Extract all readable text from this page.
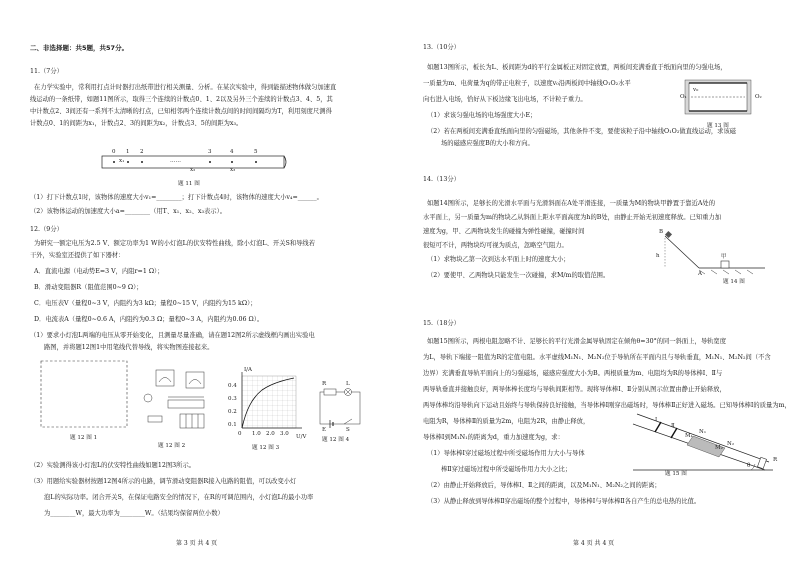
二、非选择题：共5题，共57分。
11.（7分）
在力学实验中，常利用打点计时器打出纸带进行相关测量、分析。在某次实验中，得到能描述物体做匀加速直
线运动的一条纸带，如题11图所示，取得三个连续的计数点0、1、2以及另外三个连续的计数点3、4、5，其
中计数点2、3间还有一系列不太清晰的打点，已知相邻两个连续计数点间的时间间隔均为T，利用刻度尺测得
计数点0、1的间距为x₁，计数点2、3的间距为x₂，计数点3、5的间距为x₃。
0 1 2	3	4	5
x₁	……
x₂	x₃
题 11 图
（1）打下计数点1时，该物体的速度大小v₁=________；打下计数点4时，该物体的速度大小v₄=______。
（2）该物体运动的加速度大小a=________（用T、x₁、x₂、x₃表示）。
12.（9分）
为研究一额定电压为2.5 V、额定功率为1 W的小灯泡L的伏安特性曲线，除小灯泡L、开关S和导线若
干外，实验室还提供了如下器材：
A．直流电源（电动势E=3 V，内阻r=1 Ω）；
B．滑动变阻器R（阻值范围0~9 Ω）；
C．电压表V（量程0~3 V，内阻约为3 kΩ；量程0~15 V，内阻约为15 kΩ）；
D．电流表A（量程0~0.6 A，内阻约为0.3 Ω；量程0~3 A，内阻约为0.06 Ω）。
（1）要求小灯泡L两端的电压从零开始变化，且测量尽量准确，请在题12图2所示虚线框内画出实验电
路图，并将题12图1中用笔线代替导线，将实物图连接起来。
题 12 图 1
题 12 图 2
I/A
0.4
0.3
0.2
0.1
0 1.0 2.0 3.0 U/V
题 12 图 3
R	L
E	S
题 12 图 4
（2）实验测得该小灯泡L的伏安特性曲线如题12图3所示。
（3）用题给实验器材按题12图4所示的电路，调节滑动变阻器R接入电路的阻值，可以改变小灯
泡L的实际功率。闭合开关S，在保证电路安全的情况下，在R的可调范围内，小灯泡L的最小功率
为________W，最大功率为________W。（结果均保留两位小数）
第 3 页 共 4 页
13.（10分）
如题13图所示，板长为L、板间距为d的平行金属板正对固定放置，两板间充满垂直于纸面向里的匀强电场，
一质量为m、电荷量为q的带正电粒子，以速度v₀沿两板间中轴线O₁O₂水平
向右进入电场，恰好从下板边缘飞出电场，不计粒子重力。
（1）求该匀强电场的电场强度大小E；
（2）若在两板间充满垂直纸面向里的匀强磁场，其他条件不变，要使该粒子沿中轴线O₁O₂做直线运动，求该磁
场的磁感应强度B的大小和方向。
O₁	O₂
v₀
题 13 图
14.（13分）
如题14图所示，足够长的光滑水平面与光滑斜面在A处平滑连接，一质量为M的物块甲静置于靠近A处的
水平面上，另一质量为m的物块乙从斜面上距水平面高度为h的B处，由静止开始无初速度释放。已知重力加
速度为g，甲、乙两物块发生的碰撞为弹性碰撞，碰撞时间
很短可不计，两物块均可视为质点，忽略空气阻力。
（1）求物块乙第一次到达水平面上时的速度大小；
（2）要使甲、乙两物块只能发生一次碰撞，求M/m的取值范围。
B
h
A
甲
题 14 图
15.（18分）
如题15图所示，两根电阻忽略不计、足够长的平行光滑金属导轨固定在倾角θ=30°的同一斜面上，导轨宽度
为L，导轨下端接一阻值为R的定值电阻。水平虚线M₁N₁、M₂N₂位于导轨所在平面内且与导轨垂直，M₁N₁、M₂N₂间（不含
边界）充满垂直导轨平面向上的匀强磁场，磁感应强度大小为B。两根质量为m、电阻均为R的导体棒Ⅰ、Ⅱ与
两导轨垂直并接触良好，两导体棒长度均与导轨间距相等。现将导体棒Ⅰ、Ⅱ分别从图示位置由静止开始释放，
两导体棒均沿导轨向下运动且始终与导轨保持良好接触，当导体棒Ⅰ刚穿出磁场时，导体棒Ⅱ正好进入磁场。已知导体棒Ⅰ的质量为m，
电阻为R，导体棒Ⅱ的质量为2m，电阻为2R，由静止释放，
导体棒Ⅰ到M₁N₁的距离为d，重力加速度为g，求：
（1）导体棒Ⅰ穿过磁场过程中所受磁场作用力大小与导体
棒Ⅱ穿过磁场过程中所受磁场作用力大小之比；
（2）由静止开始释放后，导体棒Ⅰ、Ⅱ之间的距离，以及M₁N₁、M₂N₂之间的距离；
（3）从静止释放到导体棒Ⅱ穿出磁场的整个过程中，导体棒Ⅰ与导体棒Ⅱ各自产生的总电热的比值。
Ⅰ
Ⅱ
M₁
M₂
N₁
N₂
R
θ
题 15 图
第 4 页 共 4 页
